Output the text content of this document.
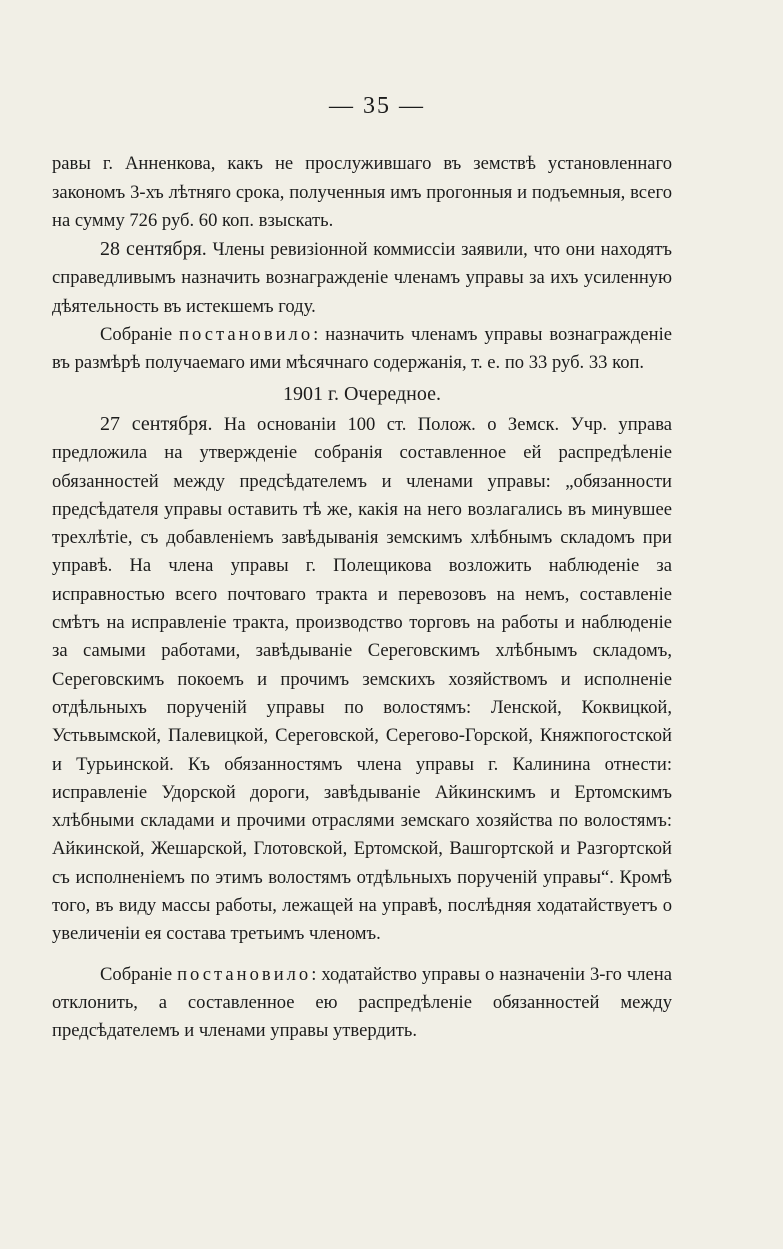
— 35 —

равы г. Анненкова, какъ не прослужившаго въ земствѣ установленнаго закономъ 3-хъ лѣтняго срока, полученныя имъ прогонныя и подъемныя, всего на сумму 726 руб. 60 коп. взыскать.

28 сентября. Члены ревизіонной коммиссіи заявили, что они находятъ справедливымъ назначить вознагражденіе членамъ управы за ихъ усиленную дѣятельность въ истекшемъ году.

Собраніе постановило: назначить членамъ управы вознагражденіе въ размѣрѣ получаемаго ими мѣсячнаго содержанія, т. е. по 33 руб. 33 коп.

1901 г. Очередное.

27 сентября. На основаніи 100 ст. Полож. о Земск. Учр. управа предложила на утвержденіе собранія составленное ей распредѣленіе обязанностей между предсѣдателемъ и членами управы: „обязанности предсѣдателя управы оставить тѣ же, какія на него возлагались въ минувшее трехлѣтіе, съ добавленіемъ завѣдыванія земскимъ хлѣбнымъ складомъ при управѣ. На члена управы г. Полещикова возложить наблюденіе за исправностью всего почтоваго тракта и перевозовъ на немъ, составленіе смѣтъ на исправленіе тракта, производство торговъ на работы и наблюденіе за самыми работами, завѣдываніе Сереговскимъ хлѣбнымъ складомъ, Сереговскимъ покоемъ и прочимъ земскихъ хозяйствомъ и исполненіе отдѣльныхъ порученій управы по волостямъ: Ленской, Коквицкой, Устьвымской, Палевицкой, Сереговской, Серегово-Горской, Княжпогостской и Турьинской. Къ обязанностямъ члена управы г. Калинина отнести: исправленіе Удорской дороги, завѣдываніе Айкинскимъ и Ертомскимъ хлѣбными складами и прочими отраслями земскаго хозяйства по волостямъ: Айкинской, Жешарской, Глотовской, Ертомской, Вашгортской и Разгортской съ исполненіемъ по этимъ волостямъ отдѣльныхъ порученій управы“. Кромѣ того, въ виду массы работы, лежащей на управѣ, послѣдняя ходатайствуетъ о увеличеніи ея состава третьимъ членомъ.

Собраніе постановило: ходатайство управы о назначеніи 3-го члена отклонить, а составленное ею распредѣленіе обязанностей между предсѣдателемъ и членами управы утвердить.
